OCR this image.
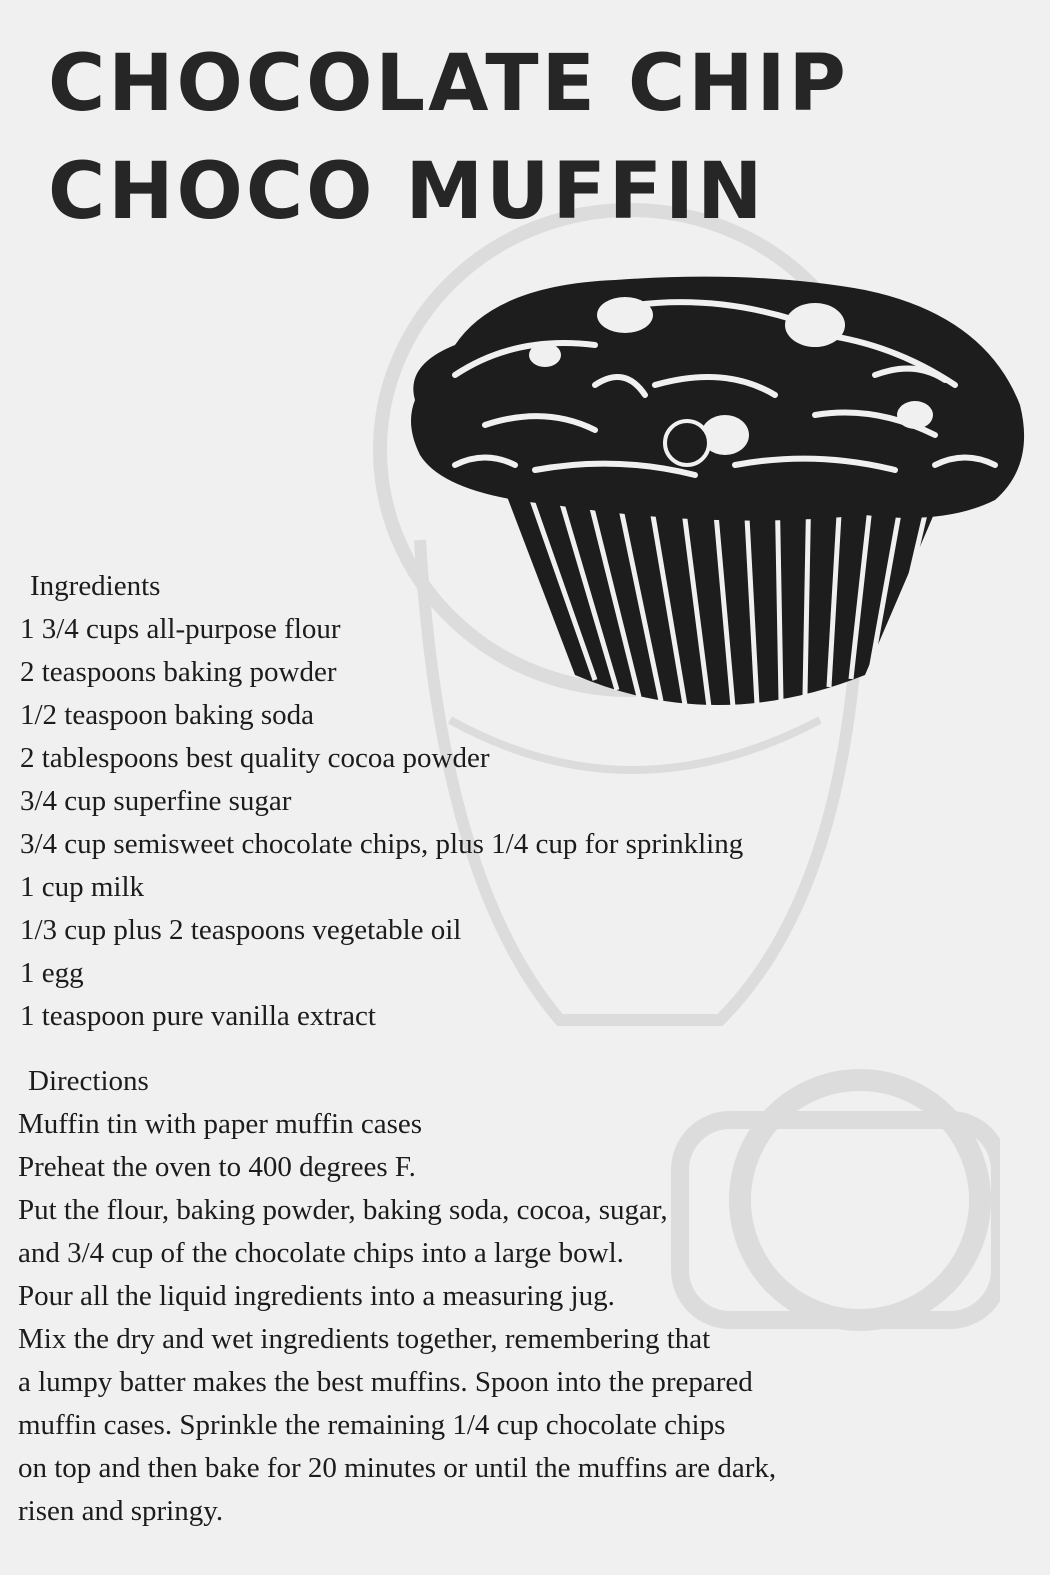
CHOCOLATE CHIP
CHOCO MUFFIN
Ingredients
1 3/4 cups all-purpose flour
2 teaspoons baking powder
1/2 teaspoon baking soda
2 tablespoons best quality cocoa powder
3/4 cup superfine sugar
3/4 cup semisweet chocolate chips, plus 1/4 cup for sprinkling
1 cup milk
1/3 cup plus 2 teaspoons vegetable oil
1 egg
1 teaspoon pure vanilla extract
Directions
Muffin tin with paper muffin cases
Preheat the oven to 400 degrees F.
Put the flour, baking powder, baking soda, cocoa, sugar,
and 3/4 cup of the chocolate chips into a large bowl.
Pour all the liquid ingredients into a measuring jug.
Mix the dry and wet ingredients together, remembering that
a lumpy batter makes the best muffins. Spoon into the prepared
muffin cases. Sprinkle the remaining 1/4 cup chocolate chips
on top and then bake for 20 minutes or until the muffins are dark,
risen and springy.
